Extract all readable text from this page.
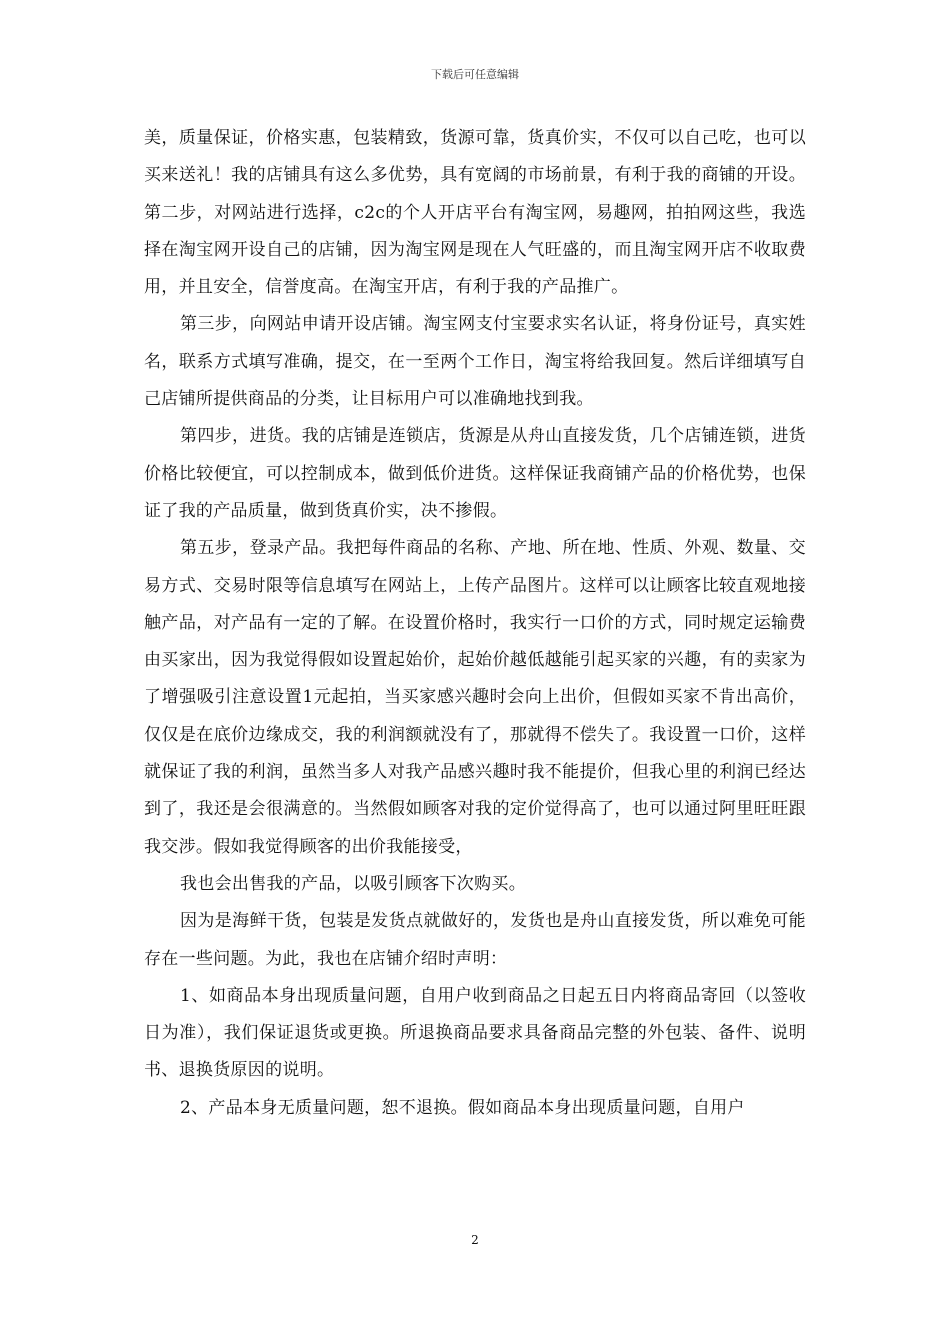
下载后可任意编辑

美，质量保证，价格实惠，包装精致，货源可靠，货真价实，不仅可以自己吃，也可以买来送礼！我的店铺具有这么多优势，具有宽阔的市场前景，有利于我的商铺的开设。第二步，对网站进行选择，c2c的个人开店平台有淘宝网，易趣网，拍拍网这些，我选择在淘宝网开设自己的店铺，因为淘宝网是现在人气旺盛的，而且淘宝网开店不收取费用，并且安全，信誉度高。在淘宝开店，有利于我的产品推广。

第三步，向网站申请开设店铺。淘宝网支付宝要求实名认证，将身份证号，真实姓名，联系方式填写准确，提交，在一至两个工作日，淘宝将给我回复。然后详细填写自己店铺所提供商品的分类，让目标用户可以准确地找到我。

第四步，进货。我的店铺是连锁店，货源是从舟山直接发货，几个店铺连锁，进货价格比较便宜，可以控制成本，做到低价进货。这样保证我商铺产品的价格优势，也保证了我的产品质量，做到货真价实，决不掺假。

第五步，登录产品。我把每件商品的名称、产地、所在地、性质、外观、数量、交易方式、交易时限等信息填写在网站上，上传产品图片。这样可以让顾客比较直观地接触产品，对产品有一定的了解。在设置价格时，我实行一口价的方式，同时规定运输费由买家出，因为我觉得假如设置起始价，起始价越低越能引起买家的兴趣，有的卖家为了增强吸引注意设置1元起拍，当买家感兴趣时会向上出价，但假如买家不肯出高价，仅仅是在底价边缘成交，我的利润额就没有了，那就得不偿失了。我设置一口价，这样就保证了我的利润，虽然当多人对我产品感兴趣时我不能提价，但我心里的利润已经达到了，我还是会很满意的。当然假如顾客对我的定价觉得高了，也可以通过阿里旺旺跟我交涉。假如我觉得顾客的出价我能接受，

我也会出售我的产品，以吸引顾客下次购买。

因为是海鲜干货，包装是发货点就做好的，发货也是舟山直接发货，所以难免可能存在一些问题。为此，我也在店铺介绍时声明：

1、如商品本身出现质量问题，自用户收到商品之日起五日内将商品寄回（以签收日为准），我们保证退货或更换。所退换商品要求具备商品完整的外包装、备件、说明书、退换货原因的说明。

2、产品本身无质量问题，恕不退换。假如商品本身出现质量问题，自用户

2
